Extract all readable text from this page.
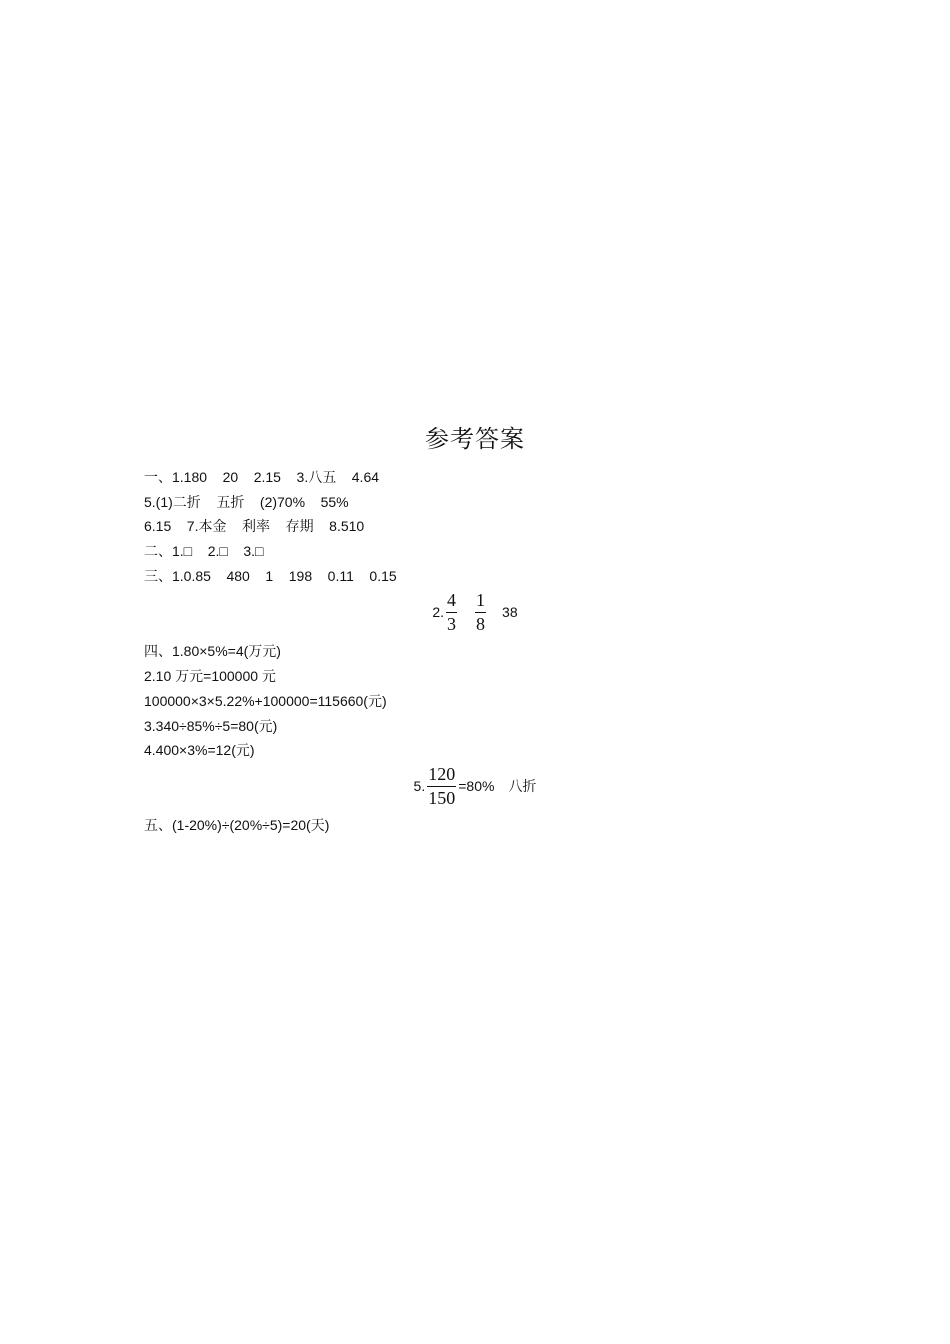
参考答案
一、1.180    20    2.15    3.八五    4.64
5.(1)二折    五折    (2)70%    55%
6.15    7.本金    利率    存期    8.510
二、1.□    2.□    3.□
三、1.0.85    480    1    198    0.11    0.15
2. $\frac{4}{3} \frac{1}{8} 38$
四、1.80×5%=4(万元)
2.10 万元=100000 元
100000×3×5.22%+100000=115660(元)
3.340÷85%÷5=80(元)
4.400×3%=12(元)
5. $\frac{120}{150} =80\%$ 八折
五、(1-20%)÷(20%÷5)=20(天)
